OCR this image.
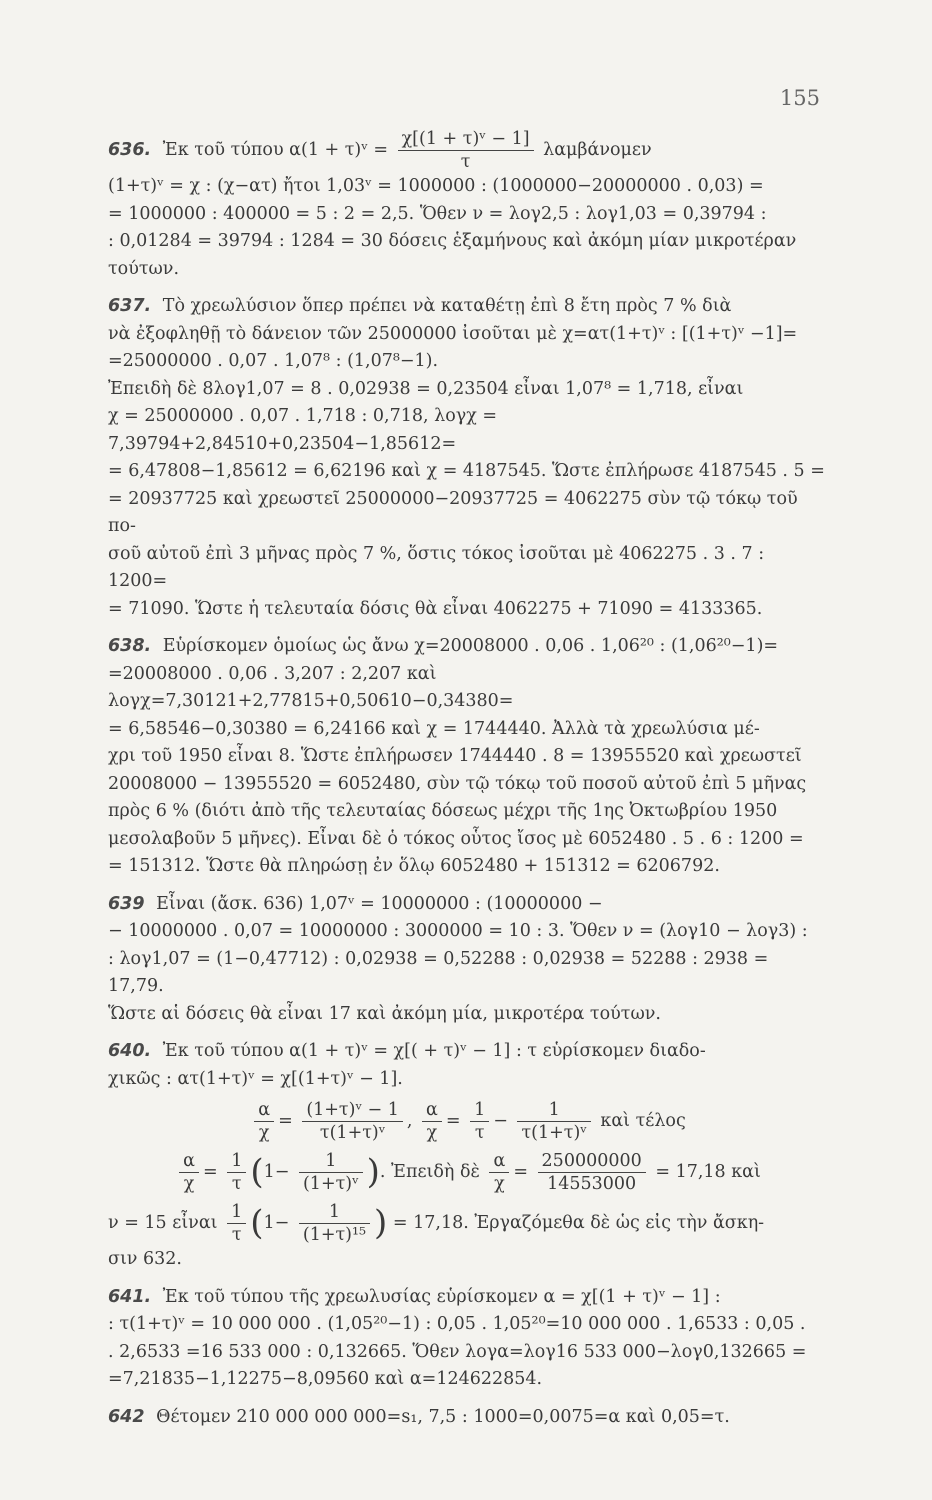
155

636. Ἐκ τοῦ τύπου α(1 + τ)ᵛ = $\frac{\text{χ[(1 + τ)ᵛ − 1]}}{\tau}$ λαμβάνομεν

(1+τ)ᵛ = χ : (χ−ατ) ἤτοι 1,03ᵛ = 1000000 : (1000000−20000000 . 0,03) =

= 1000000 : 400000 = 5 : 2 = 2,5. Ὅθεν ν = λογ2,5 : λογ1,03 = 0,39794 :

: 0,01284 = 39794 : 1284 = 30 δόσεις ἑξαμήνους καὶ ἀκόμη μίαν μικροτέραν

τούτων.

637. Τὸ χρεωλύσιον ὅπερ πρέπει νὰ καταθέτῃ ἐπὶ 8 ἔτη πρὸς 7 % διὰ

νὰ ἐξοφληθῇ τὸ δάνειον τῶν 25000000 ἰσοῦται μὲ χ=ατ(1+τ)ᵛ : [(1+τ)ᵛ −1]=

=25000000 . 0,07 . 1,07⁸ : (1,07⁸−1).

Ἐπειδὴ δὲ 8λογ1,07 = 8 . 0,02938 = 0,23504 εἶναι 1,07⁸ = 1,718, εἶναι

χ = 25000000 . 0,07 . 1,718 : 0,718, λογχ = 7,39794+2,84510+0,23504−1,85612=

= 6,47808−1,85612 = 6,62196 καὶ χ = 4187545. Ὥστε ἐπλήρωσε 4187545 . 5 =

= 20937725 καὶ χρεωστεῖ 25000000−20937725 = 4062275 σὺν τῷ τόκῳ τοῦ πο-

σοῦ αὐτοῦ ἐπὶ 3 μῆνας πρὸς 7 %, ὅστις τόκος ἰσοῦται μὲ 4062275 . 3 . 7 : 1200=

= 71090. Ὥστε ἡ τελευταία δόσις θὰ εἶναι 4062275 + 71090 = 4133365.

638. Εὑρίσκομεν ὁμοίως ὡς ἄνω χ=20008000 . 0,06 . 1,06²⁰ : (1,06²⁰−1)=

=20008000 . 0,06 . 3,207 : 2,207 καὶ λογχ=7,30121+2,77815+0,50610−0,34380=

= 6,58546−0,30380 = 6,24166 καὶ χ = 1744440. Ἀλλὰ τὰ χρεωλύσια μέ-

χρι τοῦ 1950 εἶναι 8. Ὥστε ἐπλήρωσεν 1744440 . 8 = 13955520 καὶ χρεωστεῖ

20008000 − 13955520 = 6052480, σὺν τῷ τόκῳ τοῦ ποσοῦ αὐτοῦ ἐπὶ 5 μῆνας

πρὸς 6 % (διότι ἀπὸ τῆς τελευταίας δόσεως μέχρι τῆς 1ης Ὀκτωβρίου 1950

μεσολαβοῦν 5 μῆνες). Εἶναι δὲ ὁ τόκος οὗτος ἴσος μὲ 6052480 . 5 . 6 : 1200 =

= 151312. Ὥστε θὰ πληρώσῃ ἐν ὅλῳ 6052480 + 151312 = 6206792.

639 Εἶναι (ἄσκ. 636) 1,07ᵛ = 10000000 : (10000000 −

− 10000000 . 0,07 = 10000000 : 3000000 = 10 : 3. Ὅθεν ν = (λογ10 − λογ3) :

: λογ1,07 = (1−0,47712) : 0,02938 = 0,52288 : 0,02938 = 52288 : 2938 = 17,79.

Ὥστε αἱ δόσεις θὰ εἶναι 17 καὶ ἀκόμη μία, μικροτέρα τούτων.

640. Ἐκ τοῦ τύπου α(1 + τ)ᵛ = χ[( + τ)ᵛ − 1] : τ εὑρίσκομεν διαδο-

χικῶς : ατ(1+τ)ᵛ = χ[(1+τ)ᵛ − 1].

$\frac{\alpha}{\chi} = \frac{\text{(1+τ)ᵛ − 1}}{\text{τ(1+τ)ᵛ}}$ , $\frac{\alpha}{\chi} = \frac{1}{\tau} - \frac{1}{\text{τ(1+τ)ᵛ}}$ καὶ τέλος
$\frac{\alpha}{\chi} = \frac{1}{\tau} (1- \frac{1}{\text{(1+τ)ᵛ}}$ ). Ἐπειδὴ δὲ $\frac{\alpha}{\chi} = \frac{250000000}{14553000} = 17,18$ καὶ

ν = 15 εἶναι $\frac{1}{\tau} (1- \frac{1}{\text{(1+τ)¹⁵}}$ ) = 17,18. Ἐργαζόμεθα δὲ ὡς εἰς τὴν ἄσκη-

σιν 632.

641. Ἐκ τοῦ τύπου τῆς χρεωλυσίας εὑρίσκομεν α = χ[(1 + τ)ᵛ − 1] :

: τ(1+τ)ᵛ = 10 000 000 . (1,05²⁰−1) : 0,05 . 1,05²⁰=10 000 000 . 1,6533 : 0,05 .

. 2,6533 =16 533 000 : 0,132665. Ὅθεν λογα=λογ16 533 000−λογ0,132665 =

=7,21835−1,12275−8,09560 καὶ α=124622854.

642 Θέτομεν 210 000 000 000=s₁, 7,5 : 1000=0,0075=α καὶ 0,05=τ.
